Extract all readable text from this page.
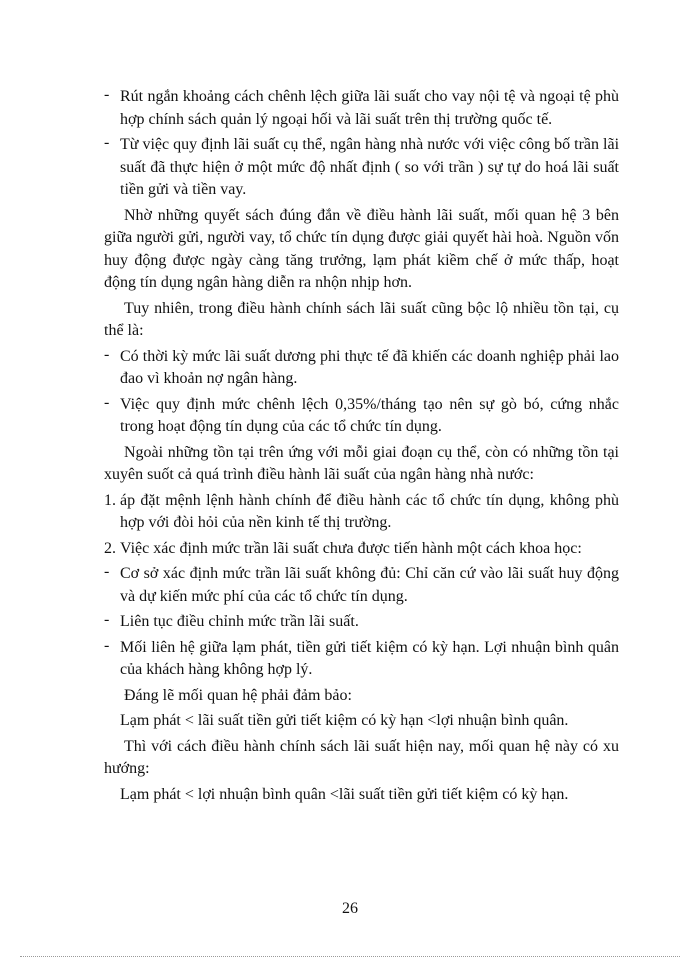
- Rút ngắn khoảng cách chênh lệch giữa lãi suất cho vay nội tệ và ngoại tệ phù hợp chính sách quản lý ngoại hối và lãi suất trên thị trường quốc tế.
- Từ việc quy định lãi suất cụ thể, ngân hàng nhà nước với việc công bố trần lãi suất đã thực hiện ở một mức độ nhất định ( so với trần ) sự tự do hoá lãi suất tiền gửi và tiền vay.
Nhờ những quyết sách đúng đắn về điều hành lãi suất, mối quan hệ 3 bên giữa người gửi, người vay, tổ chức tín dụng được giải quyết hài hoà. Nguồn vốn huy động được ngày càng tăng trưởng, lạm phát kiềm chế ở mức thấp, hoạt động tín dụng ngân hàng diễn ra nhộn nhịp hơn.
Tuy nhiên, trong điều hành chính sách lãi suất cũng bộc lộ nhiều tồn tại, cụ thể là:
- Có thời kỳ mức lãi suất dương phi thực tế đã khiến các doanh nghiệp phải lao đao vì khoản nợ ngân hàng.
- Việc quy định mức chênh lệch 0,35%/tháng tạo nên sự gò bó, cứng nhắc trong hoạt động tín dụng của các tổ chức tín dụng.
Ngoài những tồn tại trên ứng với mỗi giai đoạn cụ thể, còn có những tồn tại xuyên suốt cả quá trình điều hành lãi suất của ngân hàng nhà nước:
1. áp đặt mệnh lệnh hành chính để điều hành các tổ chức tín dụng, không phù hợp với đòi hỏi của nền kinh tế thị trường.
2. Việc xác định mức trần lãi suất chưa được tiến hành một cách khoa học:
- Cơ sở xác định mức trần lãi suất không đủ: Chỉ căn cứ vào lãi suất huy động và dự kiến mức phí của các tổ chức tín dụng.
- Liên tục điều chỉnh mức trần lãi suất.
- Mối liên hệ giữa lạm phát, tiền gửi tiết kiệm có kỳ hạn. Lợi nhuận bình quân của khách hàng không hợp lý.
Đáng lẽ mối quan hệ phải đảm bảo:
Lạm phát < lãi suất tiền gửi tiết kiệm có kỳ hạn <lợi nhuận bình quân.
Thì với cách điều hành chính sách lãi suất hiện nay, mối quan hệ này có xu hướng:
Lạm phát < lợi nhuận bình quân <lãi suất tiền gửi tiết kiệm có kỳ hạn.
26
